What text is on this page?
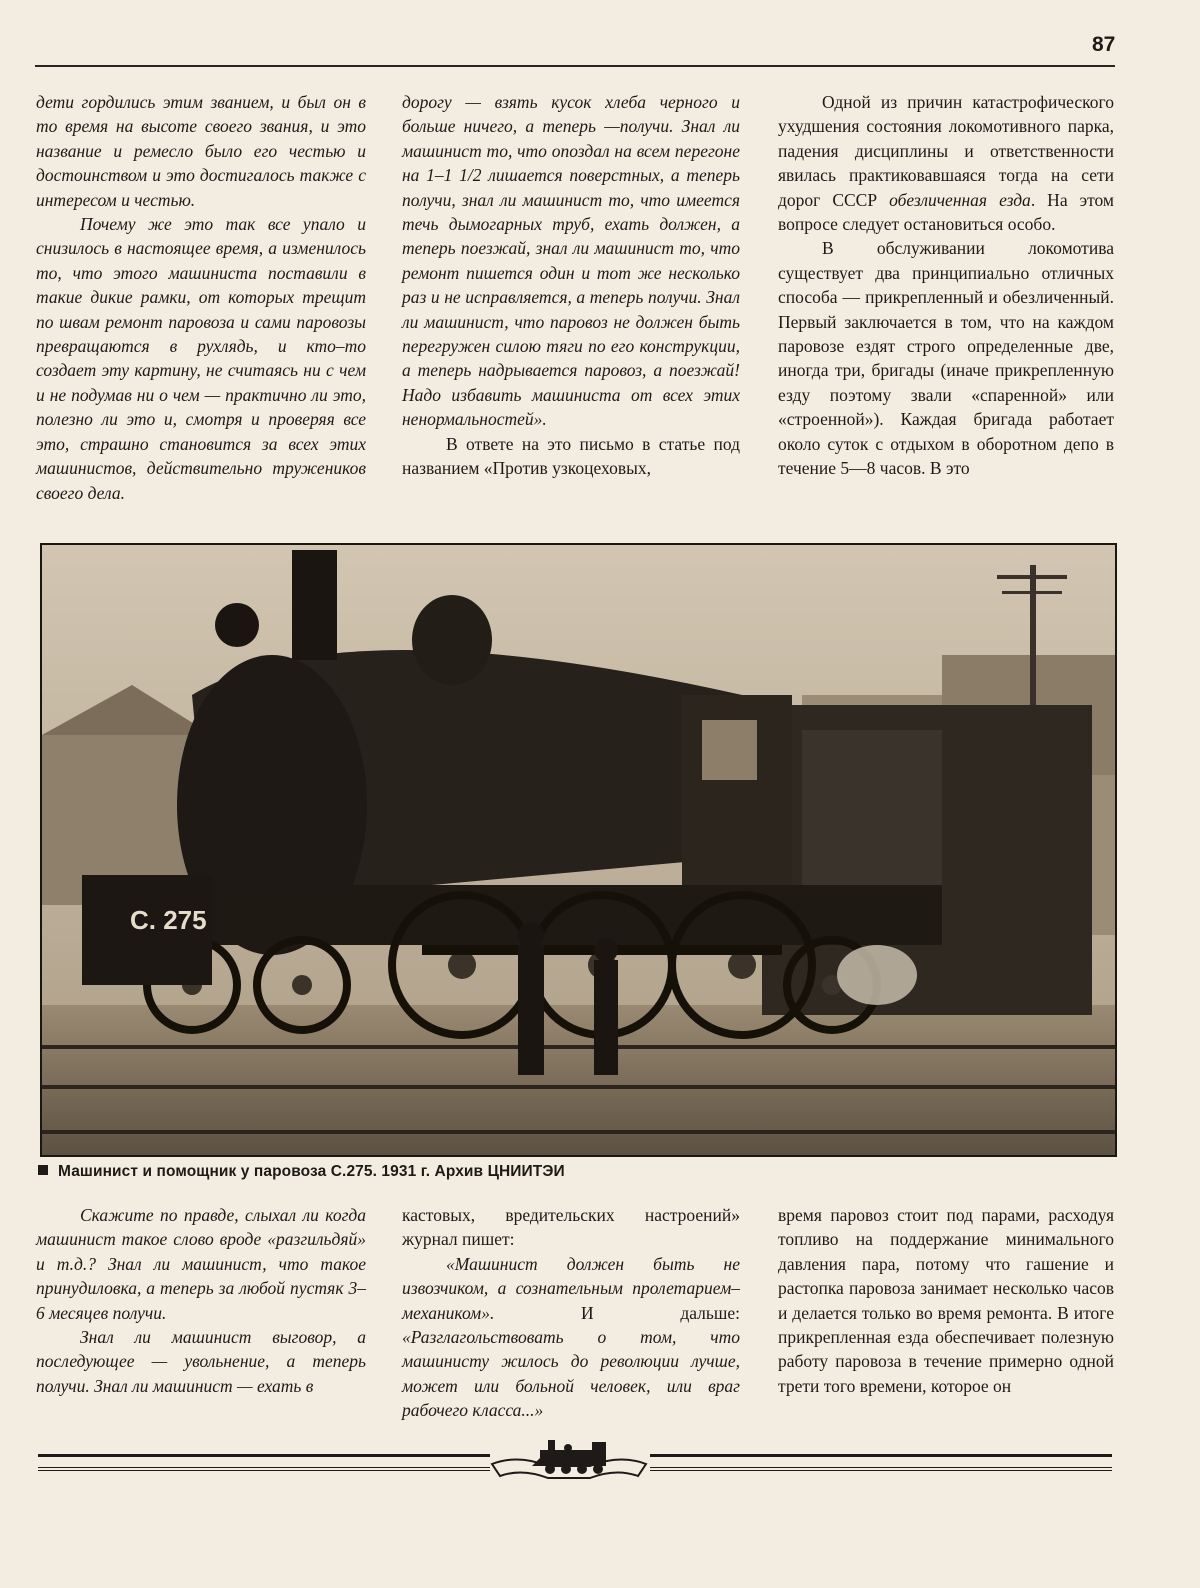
87

дети гордились этим званием, и был он в то время на высоте своего звания, и это название и ремесло было его честью и достоинством и это достигалось также с интересом и честью.

Почему же это так все упало и снизилось в настоящее время, а изменилось то, что этого машиниста поставили в такие дикие рамки, от которых трещит по швам ремонт паровоза и сами паровозы превращаются в рухлядь, и кто–то создает эту картину, не считаясь ни с чем и не подумав ни о чем — практично ли это, полезно ли это и, смотря и проверяя все это, страшно становится за всех этих машинистов, действительно тружеников своего дела.

дорогу — взять кусок хлеба черного и больше ничего, а теперь —получи. Знал ли машинист то, что опоздал на всем перегоне на 1–1 1/2 лишается поверстных, а теперь получи, знал ли машинист то, что имеется течь дымогарных труб, ехать должен, а теперь поезжай, знал ли машинист то, что ремонт пишется один и тот же несколько раз и не исправляется, а теперь получи. Знал ли машинист, что паровоз не должен быть перегружен силою тяги по его конструкции, а теперь надрывается паровоз, а поезжай! Надо избавить машиниста от всех этих ненормальностей».

В ответе на это письмо в статье под названием «Против узкоцеховых,

Одной из причин катастрофического ухудшения состояния локомотивного парка, падения дисциплины и ответственности явилась практиковавшаяся тогда на сети дорог СССР обезличенная езда. На этом вопросе следует остановиться особо.

В обслуживании локомотива существует два принципиально отличных способа — прикрепленный и обезличенный. Первый заключается в том, что на каждом паровозе ездят строго определенные две, иногда три, бригады (иначе прикрепленную езду поэтому звали «спаренной» или «строенной»). Каждая бригада работает около суток с отдыхом в оборотном депо в течение 5—8 часов. В это

С. 275
Машинист и помощник у паровоза С.275. 1931 г. Архив ЦНИИТЭИ

Скажите по правде, слыхал ли когда машинист такое слово вроде «разгильдяй» и т.д.? Знал ли машинист, что такое принудиловка, а теперь за любой пустяк 3–6 месяцев получи.

Знал ли машинист выговор, а последующее — увольнение, а теперь получи. Знал ли машинист — ехать в

кастовых, вредительских настроений» журнал пишет:

«Машинист должен быть не извозчиком, а сознательным пролетарием–механиком». И дальше: «Разглагольствовать о том, что машинисту жилось до революции лучше, может или больной человек, или враг рабочего класса...»

время паровоз стоит под парами, расходуя топливо на поддержание минимального давления пара, потому что гашение и растопка паровоза занимает несколько часов и делается только во время ремонта. В итоге прикрепленная езда обеспечивает полезную работу паровоза в течение примерно одной трети того времени, которое он
